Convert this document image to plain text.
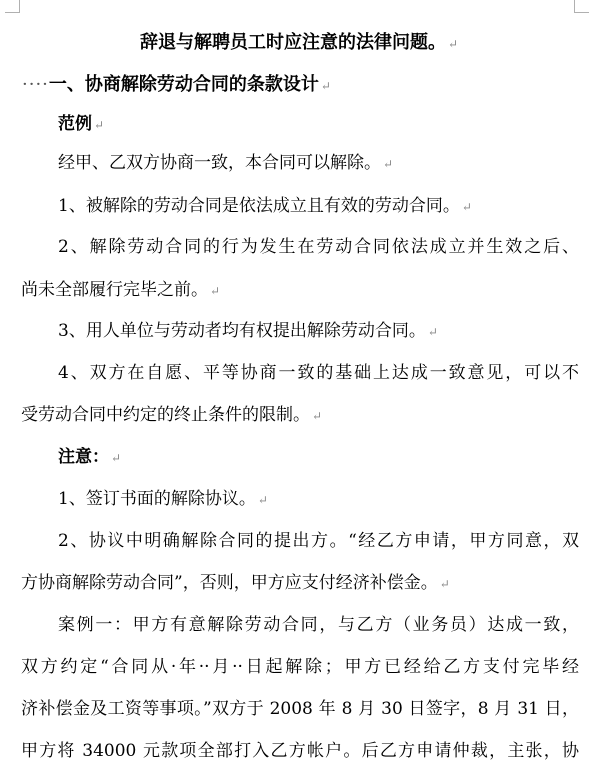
辞退与解聘员工时应注意的法律问题。 ↵
····一、协商解除劳动合同的条款设计 ↵
范例 ↵
经甲、乙双方协商一致，本合同可以解除。 ↵
1、被解除的劳动合同是依法成立且有效的劳动合同。 ↵
2、解除劳动合同的行为发生在劳动合同依法成立并生效之后、
尚未全部履行完毕之前。 ↵
3、用人单位与劳动者均有权提出解除劳动合同。 ↵
4、双方在自愿、平等协商一致的基础上达成一致意见，可以不
受劳动合同中约定的终止条件的限制。 ↵
注意： ↵
1、签订书面的解除协议。 ↵
2、协议中明确解除合同的提出方。“经乙方申请，甲方同意，双
方协商解除劳动合同”，否则，甲方应支付经济补偿金。 ↵
案例一：甲方有意解除劳动合同，与乙方（业务员）达成一致，
双方约定“合同从·年··月··日起解除；甲方已经给乙方支付完毕经
济补偿金及工资等事项。”双方于 2008 年 8 月 30 日签字，8 月 31 日，
甲方将 34000 元款项全部打入乙方帐户。后乙方申请仲裁，主张，协
